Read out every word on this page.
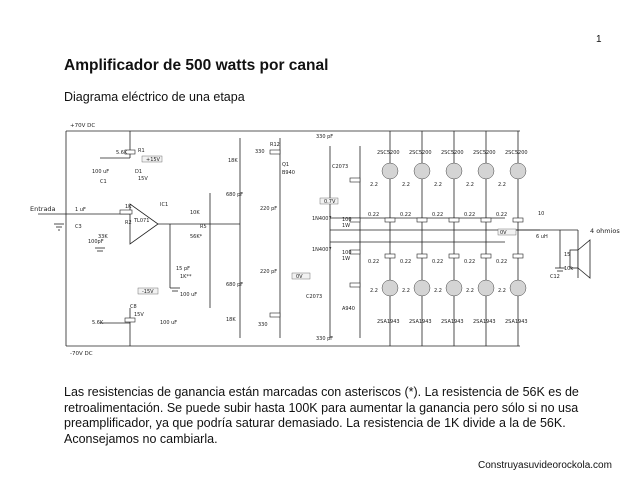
1
Amplificador de 500 watts por canal
Diagrama eléctrico de una etapa
+70V DC
-70V DC
Entrada
4 ohmios
5.6K R1
100 uF
C1
D1
15V
+15V
1 uF
C3
1K
R2
33K
100pF
TL071
IC1
10K
R5
56K*
15 pF
1K**
-15V	100 uF
C8
15V
5.6K	100 uF
330
R12
18K
680 pF
Q1
B940
220 pF
330 pF
C2073
0.7V
1N4007
1N4007
100
1W
100
1W
220 pF
0V
680 pF
C2073
A940
18K
330
330 pF
2SC5200 2SC5200 2SC5200 2SC5200 2SC5200
2SA1943 2SA1943 2SA1943 2SA1943 2SA1943
2.2	2.2	2.2	2.2	2.2
2.2	2.2	2.2	2.2	2.2
0.22	0.22	0.22	0.22	0.22
0.22	0.22	0.22	0.22	0.22
10
0V
6 uH
15
10k
C12
Las resistencias de ganancia están marcadas con asteriscos (*). La resistencia de 56K es de retroalimentación. Se puede subir hasta 100K para aumentar la ganancia pero sólo si no usa preamplificador, ya que podría saturar demasiado. La resistencia de 1K divide a la de 56K. Aconsejamos no cambiarla.
Construyasuvideorockola.com
